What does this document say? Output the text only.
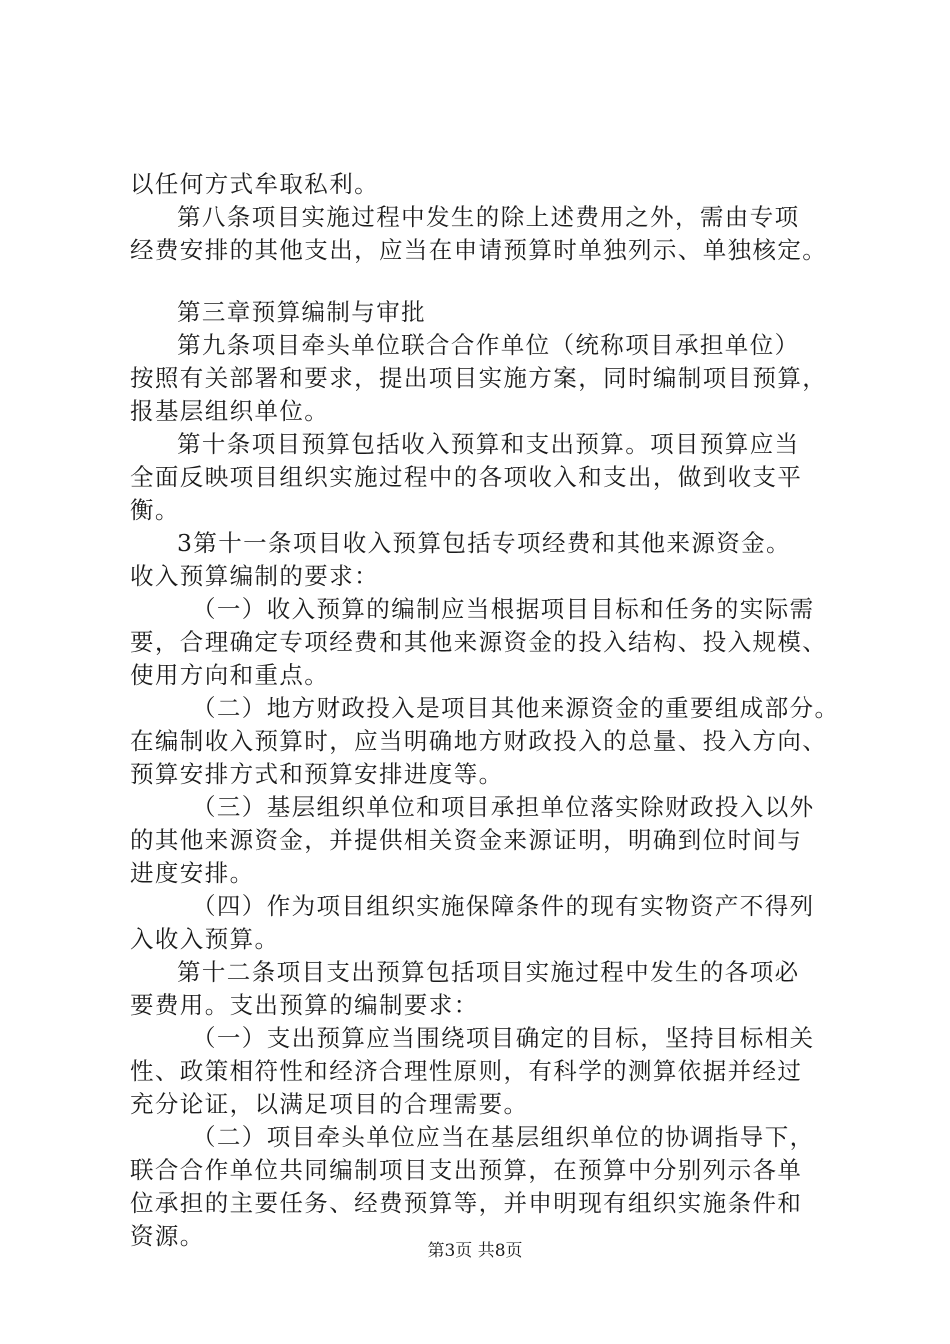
以任何方式牟取私利。
第八条项目实施过程中发生的除上述费用之外，需由专项
经费安排的其他支出，应当在申请预算时单独列示、单独核定。
第三章预算编制与审批
第九条项目牵头单位联合合作单位（统称项目承担单位）
按照有关部署和要求，提出项目实施方案，同时编制项目预算，
报基层组织单位。
第十条项目预算包括收入预算和支出预算。项目预算应当
全面反映项目组织实施过程中的各项收入和支出，做到收支平
衡。
3第十一条项目收入预算包括专项经费和其他来源资金。
收入预算编制的要求：
（一）收入预算的编制应当根据项目目标和任务的实际需
要，合理确定专项经费和其他来源资金的投入结构、投入规模、
使用方向和重点。
（二）地方财政投入是项目其他来源资金的重要组成部分。
在编制收入预算时，应当明确地方财政投入的总量、投入方向、
预算安排方式和预算安排进度等。
（三）基层组织单位和项目承担单位落实除财政投入以外
的其他来源资金，并提供相关资金来源证明，明确到位时间与
进度安排。
（四）作为项目组织实施保障条件的现有实物资产不得列
入收入预算。
第十二条项目支出预算包括项目实施过程中发生的各项必
要费用。支出预算的编制要求：
（一）支出预算应当围绕项目确定的目标，坚持目标相关
性、政策相符性和经济合理性原则，有科学的测算依据并经过
充分论证，以满足项目的合理需要。
（二）项目牵头单位应当在基层组织单位的协调指导下，
联合合作单位共同编制项目支出预算，在预算中分别列示各单
位承担的主要任务、经费预算等，并申明现有组织实施条件和
资源。
第3页 共8页
